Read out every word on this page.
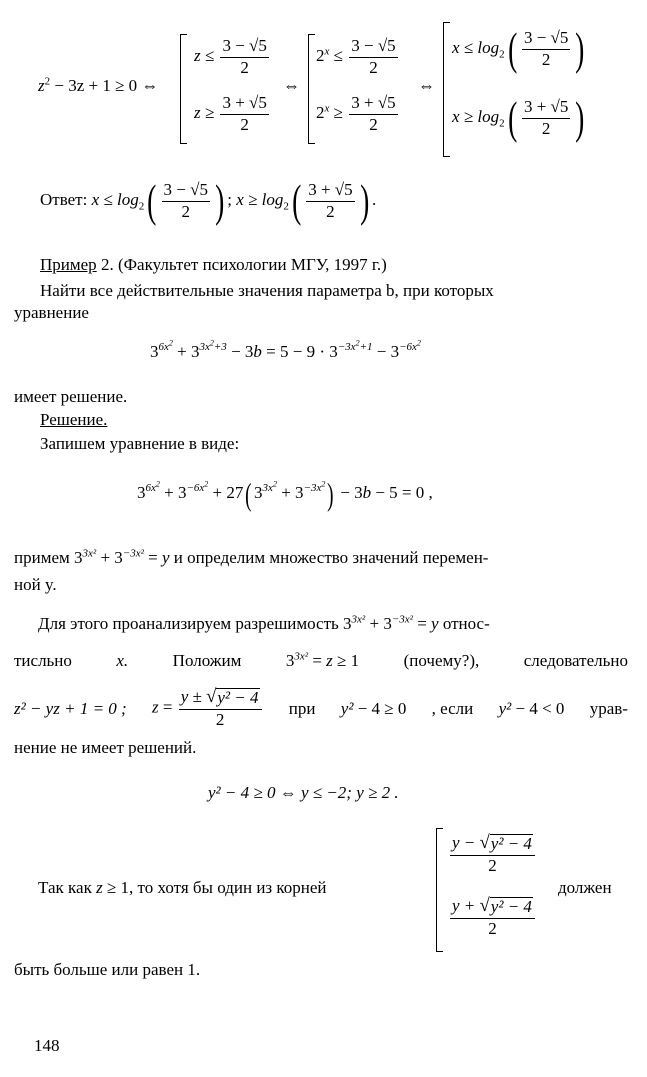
$z^2 - 3z + 1 \ge 0$ ⇔
$z \le \frac{3 - √5}{2}$
$z \ge \frac{3 + √5}{2}$
⇔
$2^x \le \frac{3 - √5}{2}$
$2^x \ge \frac{3 + √5}{2}$
⇔
$x \le \log_2( \frac{3 - √5}{2}$ )
$x \ge \log_2( \frac{3 + √5}{2}$ )
Ответ: $x \le \log_2( \frac{3 - √5}{2}$ ) ; $x \ge \log_2( \frac{3 + √5}{2}$ ) .
Пример 2. (Факультет психологии МГУ, 1997 г.)
Найти все действительные значения параметра b, при которых
уравнение
$3^{6x^2} + 3^{3x^2+3} - 3b = 5 - 9 \cdot 3^{-3x^2+1} - 3^{-6x^2}$
имеет решение.
Решение.
Запишем уравнение в виде:
$3^{6x^2} + 3^{-6x^2} + 27$( $3^{3x^2} + 3^{-3x^2}) - 3b - 5 = 0$ ,
примем $3^{3x^2} + 3^{-3x^2} = y$ и определим множество значений перемен-
ной y.
Для этого проанализируем разрешимость $3^{3x^2} + 3^{-3x^2} = y$ относ-
тисльно	x.	Положим	$3^{3x^2} = z \ge 1$	(почему?),	следовательно
z² − yz + 1 = 0 ; $z = \frac{\text{y ± √ y² − 4}}{2}$ при y² − 4 ≥ 0 , если y² − 4 < 0 урав-
нение не имеет решений.
y² − 4 ≥ 0 ⇔ y ≤ −2; y ≥ 2 .
$\frac{\text{y − √ y² − 4}}{2}$
$\frac{\text{y + √ y² − 4}}{2}$
Так как z ≥ 1, то хотя бы один из корней	должен
быть больше или равен 1.
148
